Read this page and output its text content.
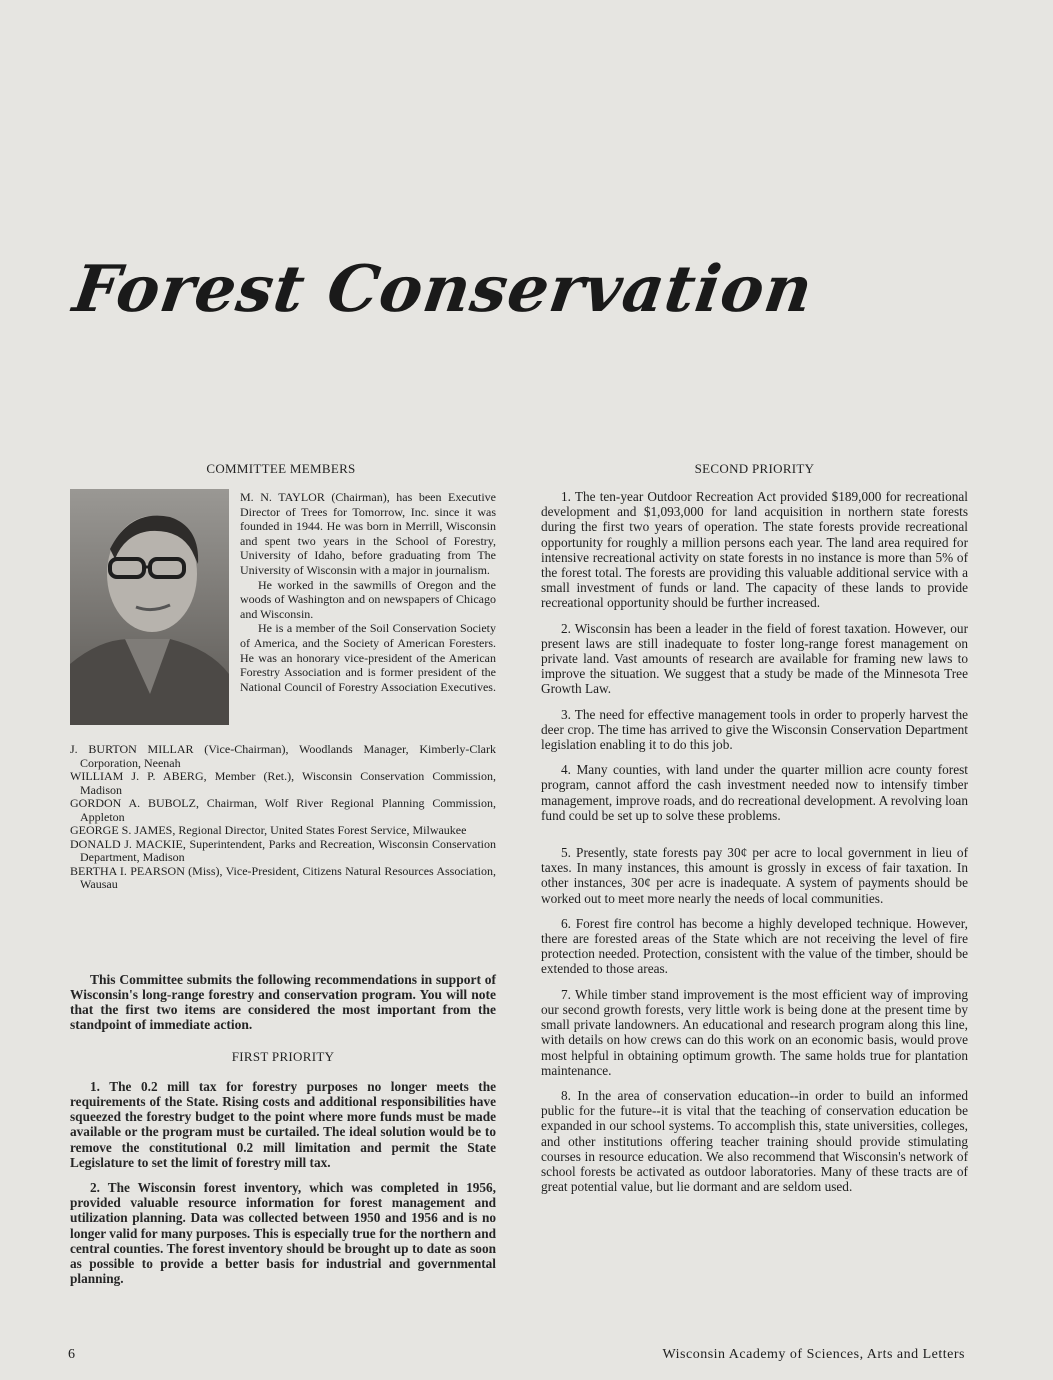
Forest Conservation
COMMITTEE MEMBERS

M. N. TAYLOR (Chairman), has been Executive Director of Trees for Tomorrow, Inc. since it was founded in 1944. He was born in Merrill, Wisconsin and spent two years in the School of Forestry, University of Idaho, before graduating from The University of Wisconsin with a major in journalism.

He worked in the sawmills of Oregon and the woods of Washington and on newspapers of Chicago and Wisconsin.

He is a member of the Soil Conservation Society of America, and the Society of American Foresters. He was an honorary vice-president of the American Forestry Association and is former president of the National Council of Forestry Association Executives.

J. BURTON MILLAR (Vice-Chairman), Woodlands Manager, Kimberly-Clark Corporation, Neenah
WILLIAM J. P. ABERG, Member (Ret.), Wisconsin Conservation Commission, Madison
GORDON A. BUBOLZ, Chairman, Wolf River Regional Planning Commission, Appleton
GEORGE S. JAMES, Regional Director, United States Forest Service, Milwaukee
DONALD J. MACKIE, Superintendent, Parks and Recreation, Wisconsin Conservation Department, Madison
BERTHA I. PEARSON (Miss), Vice-President, Citizens Natural Resources Association, Wausau
This Committee submits the following recommendations in support of Wisconsin's long-range forestry and conservation program. You will note that the first two items are considered the most important from the standpoint of immediate action.
FIRST PRIORITY

1. The 0.2 mill tax for forestry purposes no longer meets the requirements of the State. Rising costs and additional responsibilities have squeezed the forestry budget to the point where more funds must be made available or the program must be curtailed. The ideal solution would be to remove the constitutional 0.2 mill limitation and permit the State Legislature to set the limit of forestry mill tax.

2. The Wisconsin forest inventory, which was completed in 1956, provided valuable resource information for forest management and utilization planning. Data was collected between 1950 and 1956 and is no longer valid for many purposes. This is especially true for the northern and central counties. The forest inventory should be brought up to date as soon as possible to provide a better basis for industrial and governmental planning.

SECOND PRIORITY

1. The ten-year Outdoor Recreation Act provided $189,000 for recreational development and $1,093,000 for land acquisition in northern state forests during the first two years of operation. The state forests provide recreational opportunity for roughly a million persons each year. The land area required for intensive recreational activity on state forests in no instance is more than 5% of the forest total. The forests are providing this valuable additional service with a small investment of funds or land. The capacity of these lands to provide recreational opportunity should be further increased.

2. Wisconsin has been a leader in the field of forest taxation. However, our present laws are still inadequate to foster long-range forest management on private land. Vast amounts of research are available for framing new laws to improve the situation. We suggest that a study be made of the Minnesota Tree Growth Law.

3. The need for effective management tools in order to properly harvest the deer crop. The time has arrived to give the Wisconsin Conservation Department legislation enabling it to do this job.

4. Many counties, with land under the quarter million acre county forest program, cannot afford the cash investment needed now to intensify timber management, improve roads, and do recreational development. A revolving loan fund could be set up to solve these problems.

5. Presently, state forests pay 30¢ per acre to local government in lieu of taxes. In many instances, this amount is grossly in excess of fair taxation. In other instances, 30¢ per acre is inadequate. A system of payments should be worked out to meet more nearly the needs of local communities.

6. Forest fire control has become a highly developed technique. However, there are forested areas of the State which are not receiving the level of fire protection needed. Protection, consistent with the value of the timber, should be extended to those areas.

7. While timber stand improvement is the most efficient way of improving our second growth forests, very little work is being done at the present time by small private landowners. An educational and research program along this line, with details on how crews can do this work on an economic basis, would prove most helpful in obtaining optimum growth. The same holds true for plantation maintenance.

8. In the area of conservation education--in order to build an informed public for the future--it is vital that the teaching of conservation education be expanded in our school systems. To accomplish this, state universities, colleges, and other institutions offering teacher training should provide stimulating courses in resource education. We also recommend that Wisconsin's network of school forests be activated as outdoor laboratories. Many of these tracts are of great potential value, but lie dormant and are seldom used.

6	Wisconsin Academy of Sciences, Arts and Letters
